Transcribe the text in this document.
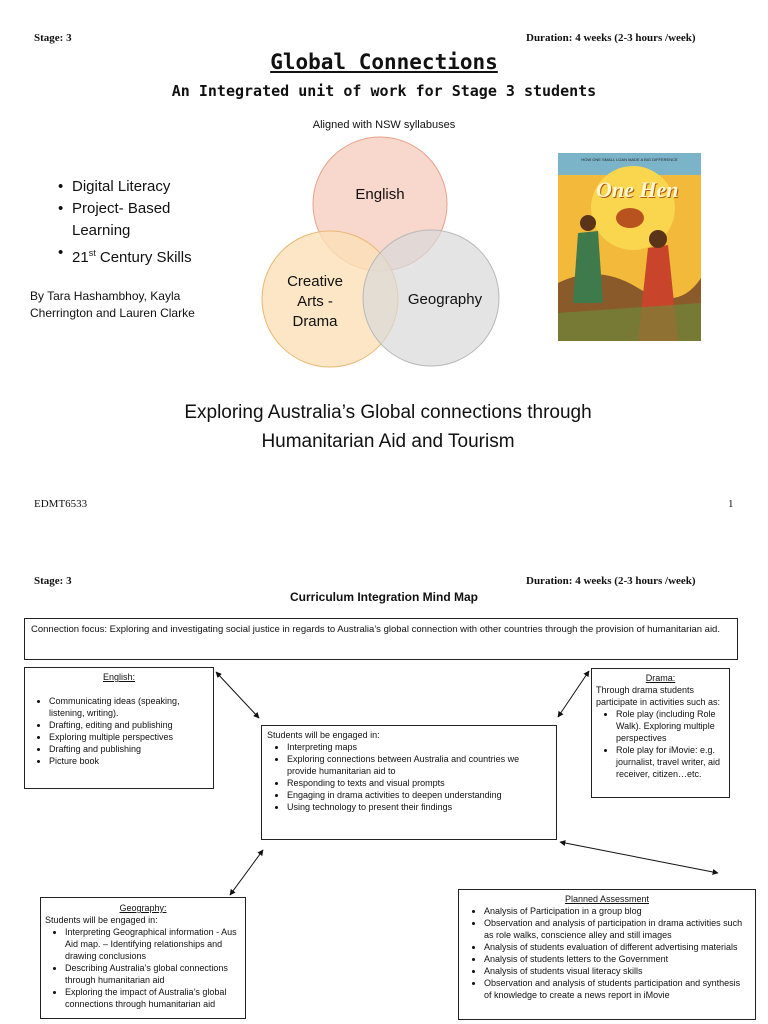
Stage: 3	Duration: 4 weeks (2-3 hours /week)
Global Connections
An Integrated unit of work for Stage 3 students
Aligned with NSW syllabuses
• Digital Literacy
• Project- Based Learning
• 21st Century Skills
By Tara Hashambhoy, Kayla Cherrington and Lauren Clarke
English
Creative
Arts -
Drama
Geography
HOW ONE SMALL LOAN MADE A BIG DIFFERENCE
One Hen
Exploring Australia’s Global connections through
Humanitarian Aid and Tourism
EDMT6533	1
Stage: 3	Duration: 4 weeks (2-3 hours /week)
Curriculum Integration Mind Map
Connection focus: Exploring and investigating social justice in regards to Australia’s global connection with other countries through the provision of humanitarian aid.
English:
• Communicating ideas (speaking, listening, writing).
• Drafting, editing and publishing
• Exploring multiple perspectives
• Drafting and publishing
• Picture book
Students will be engaged in:
• Interpreting maps
• Exploring connections between Australia and countries we provide humanitarian aid to
• Responding to texts and visual prompts
• Engaging in drama activities to deepen understanding
• Using technology to present their findings
Drama:
Through drama students participate in activities such as:
• Role play (including Role Walk). Exploring multiple perspectives
• Role play for iMovie: e.g. journalist, travel writer, aid receiver, citizen…etc.
Geography:
Students will be engaged in:
• Interpreting Geographical information - Aus Aid map. – Identifying relationships and drawing conclusions
• Describing Australia’s global connections through humanitarian aid
• Exploring the impact of Australia’s global connections through humanitarian aid
Planned Assessment
• Analysis of Participation in a group blog
• Observation and analysis of participation in drama activities such as role walks, conscience alley and still images
• Analysis of students evaluation of different advertising materials
• Analysis of students letters to the Government
• Analysis of students visual literacy skills
• Observation and analysis of students participation and synthesis of knowledge to create a news report in iMovie
